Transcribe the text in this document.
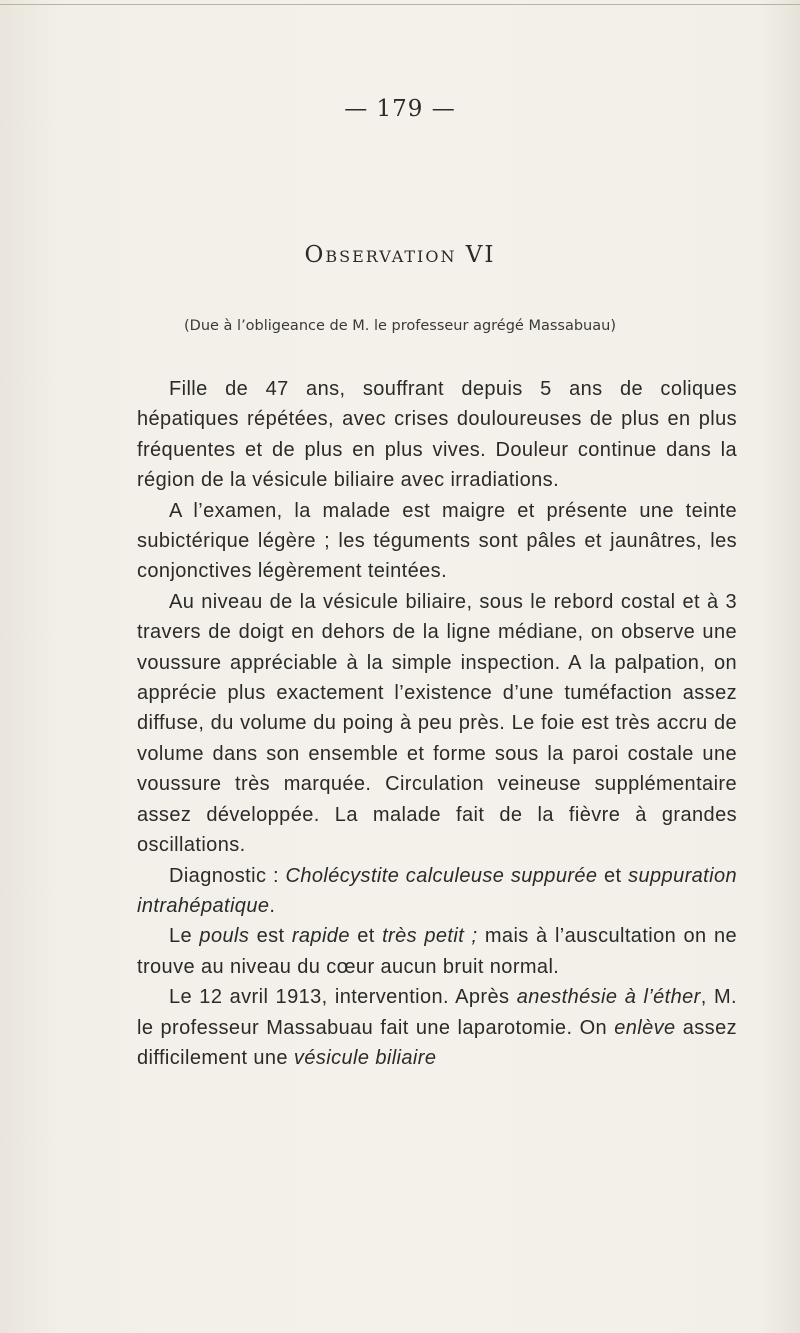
— 179 —
Observation VI
(Due à l’obligeance de M. le professeur agrégé Massabuau)

Fille de 47 ans, souffrant depuis 5 ans de coliques hépatiques répétées, avec crises douloureuses de plus en plus fréquentes et de plus en plus vives. Douleur continue dans la région de la vésicule biliaire avec irradiations.

A l’examen, la malade est maigre et présente une teinte subictérique légère ; les téguments sont pâles et jaunâtres, les conjonctives légèrement teintées.

Au niveau de la vésicule biliaire, sous le rebord costal et à 3 travers de doigt en dehors de la ligne médiane, on observe une voussure appréciable à la simple inspection. A la palpation, on apprécie plus exactement l’existence d’une tuméfaction assez diffuse, du volume du poing à peu près. Le foie est très accru de volume dans son ensemble et forme sous la paroi costale une voussure très marquée. Circulation veineuse supplémentaire assez développée. La malade fait de la fièvre à grandes oscillations.

Diagnostic : Cholécystite calculeuse suppurée et suppuration intrahépatique.

Le pouls est rapide et très petit ; mais à l’auscultation on ne trouve au niveau du cœur aucun bruit normal.

Le 12 avril 1913, intervention. Après anesthésie à l’éther, M. le professeur Massabuau fait une laparotomie. On enlève assez difficilement une vésicule biliaire
